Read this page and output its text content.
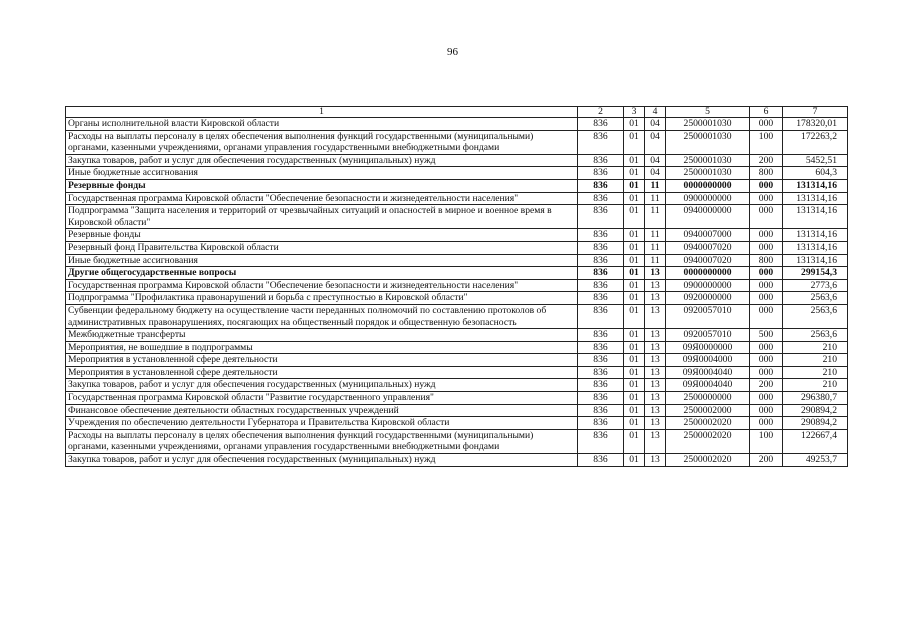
96
1	2	3	4	5	6	7
Органы исполнительной власти Кировской области	836	01	04	2500001030	000	178320,01
Расходы на выплаты персоналу в целях обеспечения выполнения функций государственными (муниципальными) органами, казенными учреждениями, органами управления государственными внебюджетными фондами	836	01	04	2500001030	100	172263,2
Закупка товаров, работ и услуг для обеспечения государственных (муниципальных) нужд	836	01	04	2500001030	200	5452,51
Иные бюджетные ассигнования	836	01	04	2500001030	800	604,3
Резервные фонды	836	01	11	0000000000	000	131314,16
Государственная программа Кировской области "Обеспечение безопасности и жизнедеятельности населения"	836	01	11	0900000000	000	131314,16
Подпрограмма "Защита населения и территорий от чрезвычайных ситуаций и опасностей в мирное и военное время в Кировской области"	836	01	11	0940000000	000	131314,16
Резервные фонды	836	01	11	0940007000	000	131314,16
Резервный фонд Правительства Кировской области	836	01	11	0940007020	000	131314,16
Иные бюджетные ассигнования	836	01	11	0940007020	800	131314,16
Другие общегосударственные вопросы	836	01	13	0000000000	000	299154,3
Государственная программа Кировской области "Обеспечение безопасности и жизнедеятельности населения"	836	01	13	0900000000	000	2773,6
Подпрограмма "Профилактика правонарушений и борьба с преступностью в Кировской области"	836	01	13	0920000000	000	2563,6
Субвенции федеральному бюджету на осуществление части переданных полномочий по составлению протоколов об административных правонарушениях, посягающих на общественный порядок и общественную безопасность	836	01	13	0920057010	000	2563,6
Межбюджетные трансферты	836	01	13	0920057010	500	2563,6
Мероприятия, не вошедшие в подпрограммы	836	01	13	09Я0000000	000	210
Мероприятия в установленной сфере деятельности	836	01	13	09Я0004000	000	210
Мероприятия в установленной сфере деятельности	836	01	13	09Я0004040	000	210
Закупка товаров, работ и услуг для обеспечения государственных (муниципальных) нужд	836	01	13	09Я0004040	200	210
Государственная программа Кировской области "Развитие государственного управления"	836	01	13	2500000000	000	296380,7
Финансовое обеспечение деятельности областных государственных учреждений	836	01	13	2500002000	000	290894,2
Учреждения по обеспечению деятельности Губернатора и Правительства Кировской области	836	01	13	2500002020	000	290894,2
Расходы на выплаты персоналу в целях обеспечения выполнения функций государственными (муниципальными) органами, казенными учреждениями, органами управления государственными внебюджетными фондами	836	01	13	2500002020	100	122667,4
Закупка товаров, работ и услуг для обеспечения государственных (муниципальных) нужд	836	01	13	2500002020	200	49253,7
